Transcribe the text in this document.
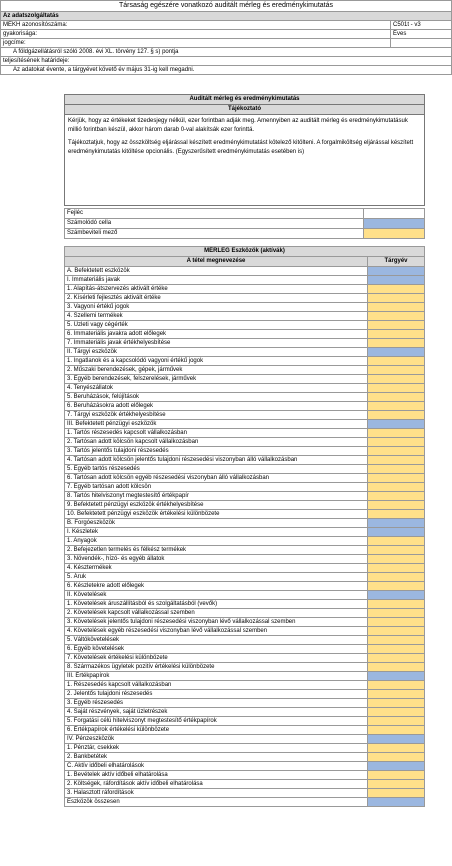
Társaság egészére vonatkozó auditált mérleg és eredménykimutatás	
Az adatszolgáltatás	
MEKH azonosítószáma:	C501t - v3
gyakorisága:	Éves
jogcíme:	
A földgázellátásról szóló 2008. évi XL. törvény 127. § s) pontja	
teljesítésének határideje:	
Az adatokat évente, a tárgyévet követő év május 31-ig kell megadni.	
Auditált mérleg és eredménykimutatás
Tájékoztató
Kérjük, hogy az értékeket tizedesjegy nélkül, ezer forintban adják meg. Amennyiben az auditált mérleg és eredménykimutatásuk millió forintban készül, akkor három darab 0-val alakítsák ezer forinttá.
Tájékoztatjuk, hogy az összköltség eljárással készített eredménykimutatást kötelező kitölteni. A forgalmiköltség eljárással készített eredménykimutatás kitöltése opcionális. (Egyszerűsített eredménykimutatás esetében is)
Fejléc	
Számolódó cella	
Számbeviteli mező	
MÉRLEG Eszközök (aktívák)	
A tétel megnevezése	Tárgyév
A. Befektetett eszközök	
I. Immateriális javak	
1. Alapítás-átszervezés aktivált értéke	
2. Kísérleti fejlesztés aktivált értéke	
3. Vagyoni értékű jogok	
4. Szellemi termékek	
5. Üzleti vagy cégérték	
6. Immateriális javakra adott előlegek	
7. Immateriális javak értékhelyesbítése	
II. Tárgyi eszközök	
1. Ingatlanok és a kapcsolódó vagyoni értékű jogok	
2. Műszaki berendezések, gépek, járművek	
3. Egyéb berendezések, felszerelések, járművek	
4. Tenyészállatok	
5. Beruházások, felújítások	
6. Beruházásokra adott előlegek	
7. Tárgyi eszközök értékhelyesbítése	
III. Befektetett pénzügyi eszközök	
1. Tartós részesedés kapcsolt vállalkozásban	
2. Tartósan adott kölcsön kapcsolt vállalkozásban	
3. Tartós jelentős tulajdoni részesedés	
4. Tartósan adott kölcsön jelentős tulajdoni részesedési viszonyban álló vállalkozásban	
5. Egyéb tartós részesedés	
6. Tartósan adott kölcsön egyéb részesedési viszonyban álló vállalkozásban	
7. Egyéb tartósan adott kölcsön	
8. Tartós hitelviszonyt megtestesítő értékpapír	
9. Befektetett pénzügyi eszközök értékhelyesbítése	
10. Befektetett pénzügyi eszközök értékelési különbözete	
B. Forgóeszközök	
I. Készletek	
1. Anyagok	
2. Befejezetlen termelés és félkész termékek	
3. Növendék-, hízó- és egyéb állatok	
4. Késztermékek	
5. Áruk	
6. Készletekre adott előlegek	
II. Követelések	
1. Követelések áruszállításból és szolgáltatásból (vevők)	
2. Követelések kapcsolt vállalkozással szemben	
3. Követelések jelentős tulajdoni részesedési viszonyban lévő vállalkozással szemben	
4. Követelések egyéb részesedési viszonyban lévő vállalkozással szemben	
5. Váltókövetelések	
6. Egyéb követelések	
7. Követelések értékelési különbözete	
8. Származékos ügyletek pozitív értékelési különbözete	
III. Értékpapírok	
1. Részesedés kapcsolt vállalkozásban	
2. Jelentős tulajdoni részesedés	
3. Egyéb részesedés	
4. Saját részvények, saját üzletrészek	
5. Forgatási célú hitelviszonyt megtestesítő értékpapírok	
6. Értékpapírok értékelési különbözete	
IV. Pénzeszközök	
1. Pénztár, csekkek	
2. Bankbetétek	
C. Aktív időbeli elhatárolások	
1. Bevételek aktív időbeli elhatárolása	
2. Költségek, ráfordítások aktív időbeli elhatárolása	
3. Halasztott ráfordítások	
Eszközök összesen	
